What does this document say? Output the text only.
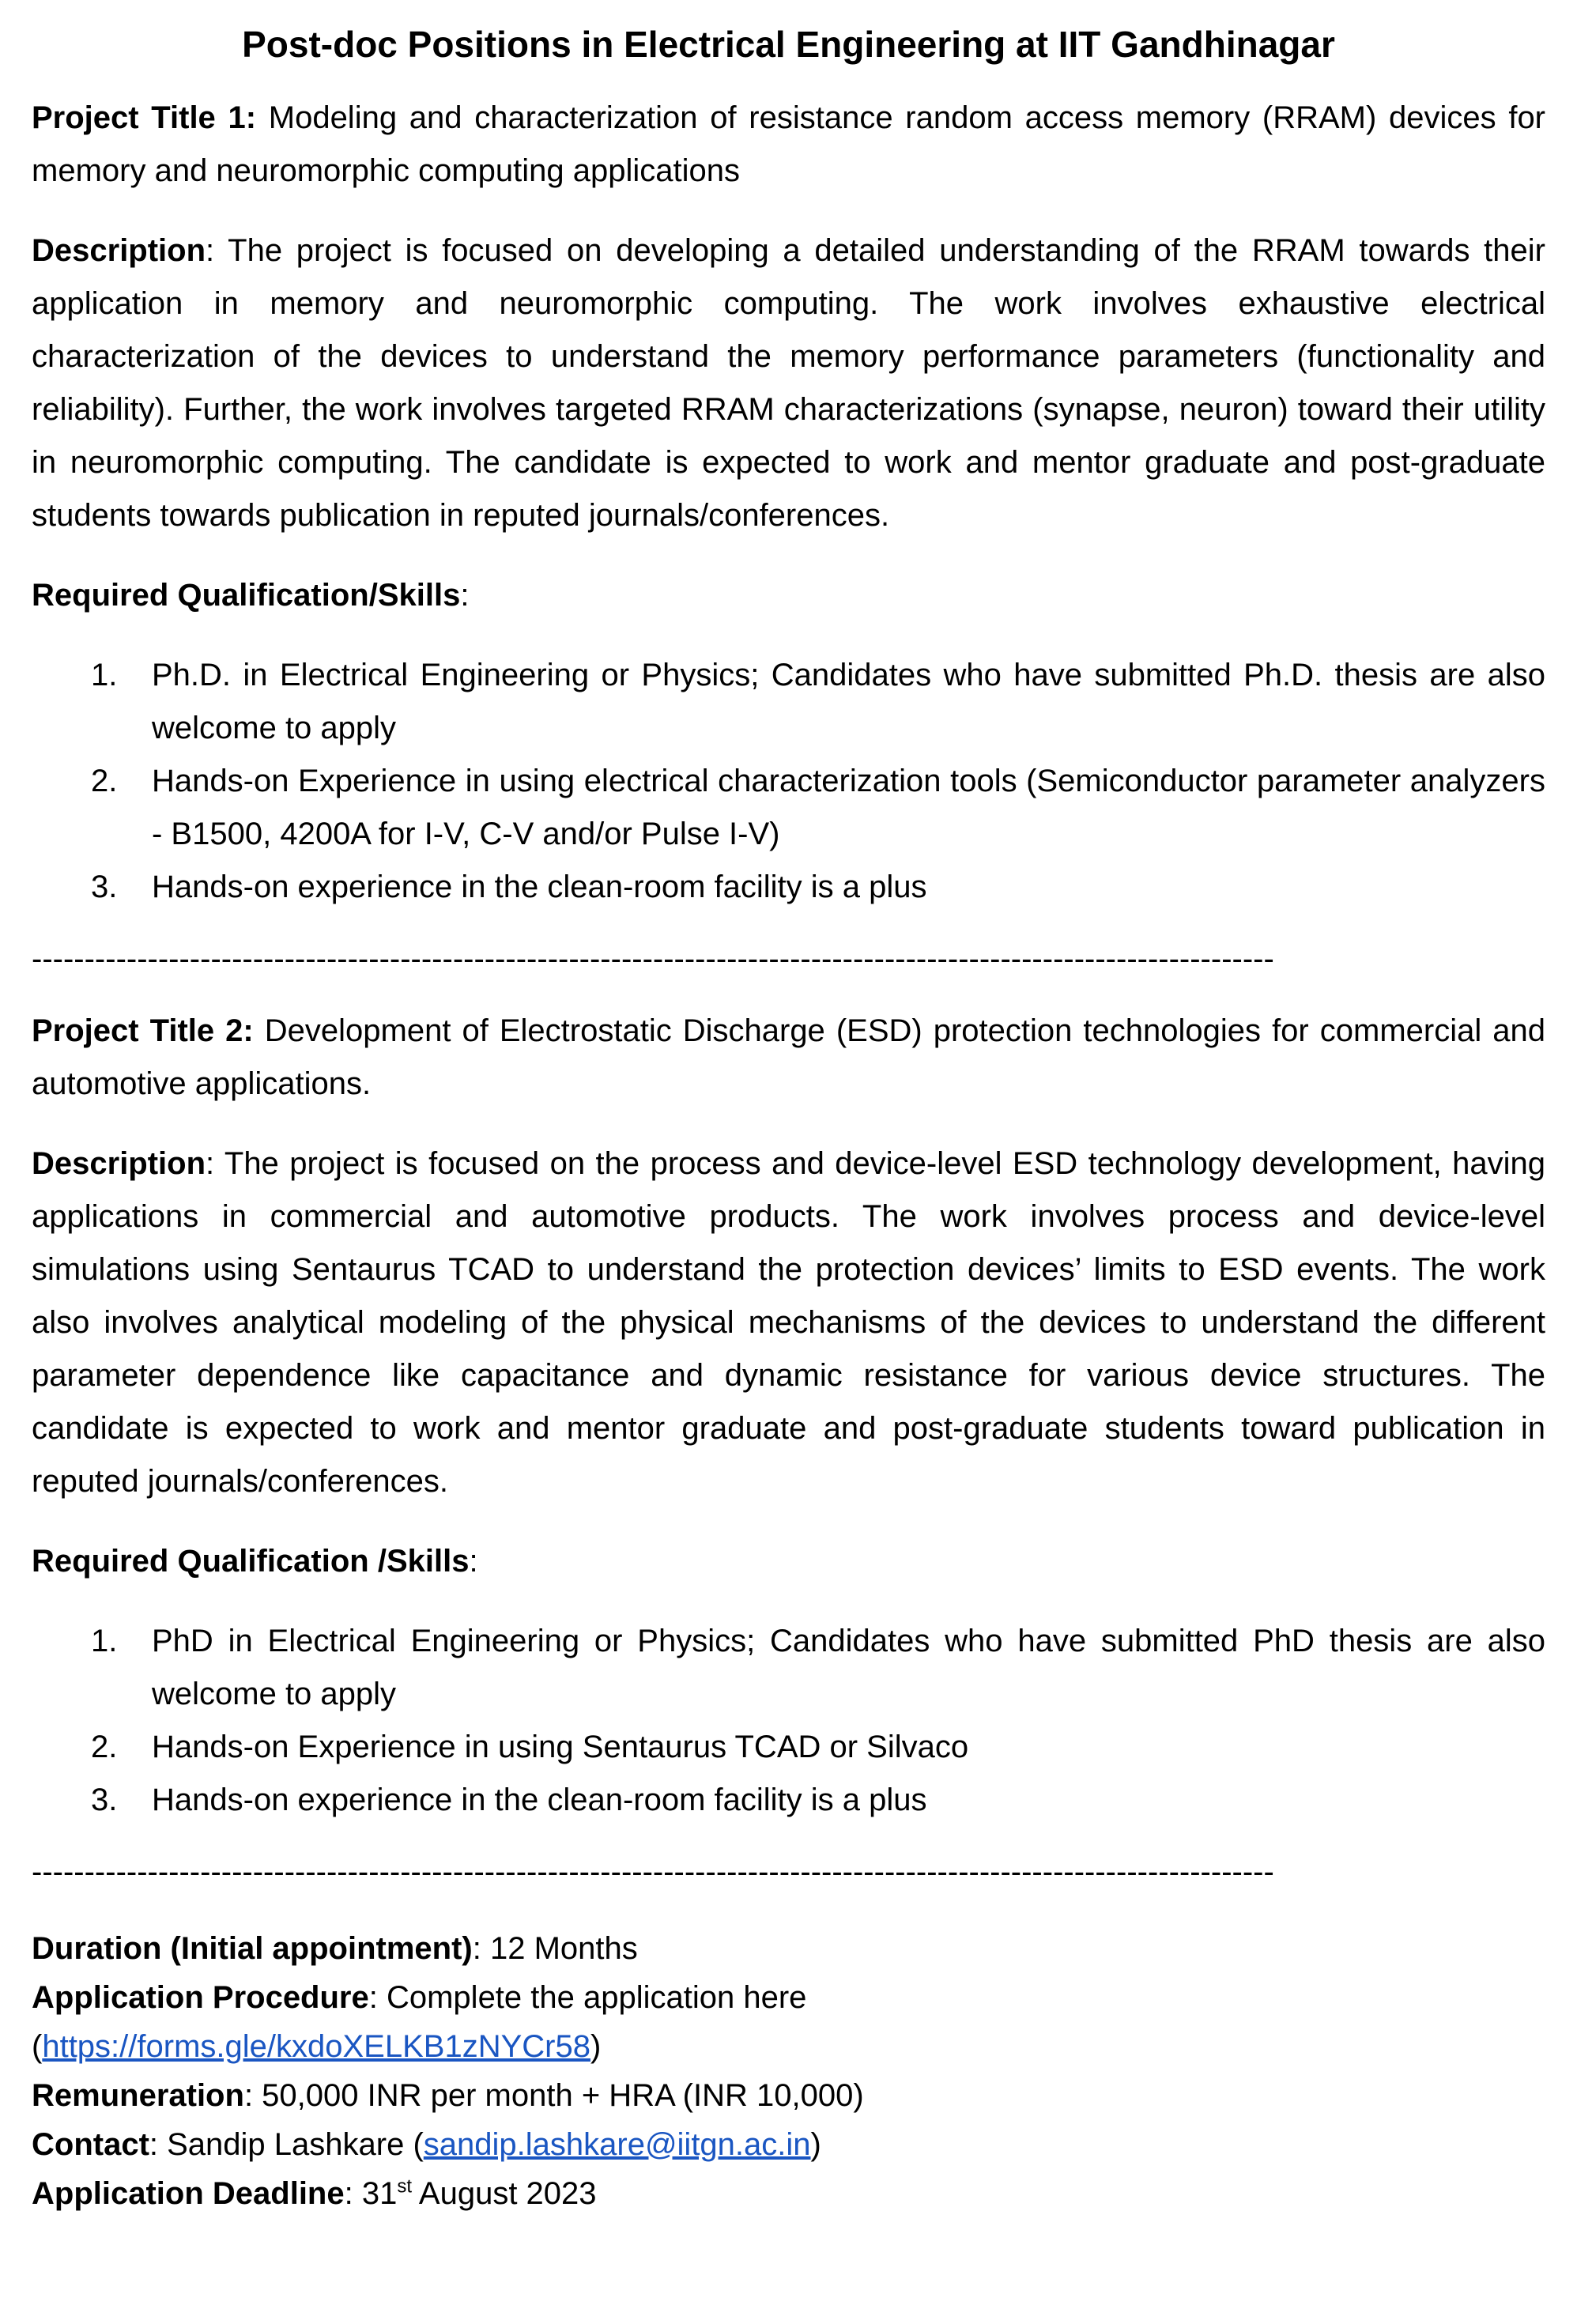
Post-doc Positions in Electrical Engineering at IIT Gandhinagar

Project Title 1: Modeling and characterization of resistance random access memory (RRAM) devices for memory and neuromorphic computing applications

Description: The project is focused on developing a detailed understanding of the RRAM towards their application in memory and neuromorphic computing. The work involves exhaustive electrical characterization of the devices to understand the memory performance parameters (functionality and reliability). Further, the work involves targeted RRAM characterizations (synapse, neuron) toward their utility in neuromorphic computing. The candidate is expected to work and mentor graduate and post-graduate students towards publication in reputed journals/conferences.

Required Qualification/Skills:

1. Ph.D. in Electrical Engineering or Physics; Candidates who have submitted Ph.D. thesis are also welcome to apply
2. Hands-on Experience in using electrical characterization tools (Semiconductor parameter analyzers - B1500, 4200A for I-V, C-V and/or Pulse I-V)
3. Hands-on experience in the clean-room facility is a plus
----------------------------------------------------------------------------------------------------------------------

Project Title 2: Development of Electrostatic Discharge (ESD) protection technologies for commercial and automotive applications.

Description: The project is focused on the process and device-level ESD technology development, having applications in commercial and automotive products. The work involves process and device-level simulations using Sentaurus TCAD to understand the protection devices’ limits to ESD events. The work also involves analytical modeling of the physical mechanisms of the devices to understand the different parameter dependence like capacitance and dynamic resistance for various device structures. The candidate is expected to work and mentor graduate and post-graduate students toward publication in reputed journals/conferences.

Required Qualification /Skills:

1. PhD in Electrical Engineering or Physics; Candidates who have submitted PhD thesis are also welcome to apply
2. Hands-on Experience in using Sentaurus TCAD or Silvaco
3. Hands-on experience in the clean-room facility is a plus
----------------------------------------------------------------------------------------------------------------------

Duration (Initial appointment): 12 Months

Application Procedure: Complete the application here

(https://forms.gle/kxdoXELKB1zNYCr58)

Remuneration: 50,000 INR per month + HRA (INR 10,000)

Contact: Sandip Lashkare (sandip.lashkare@iitgn.ac.in)

Application Deadline: 31st August 2023
